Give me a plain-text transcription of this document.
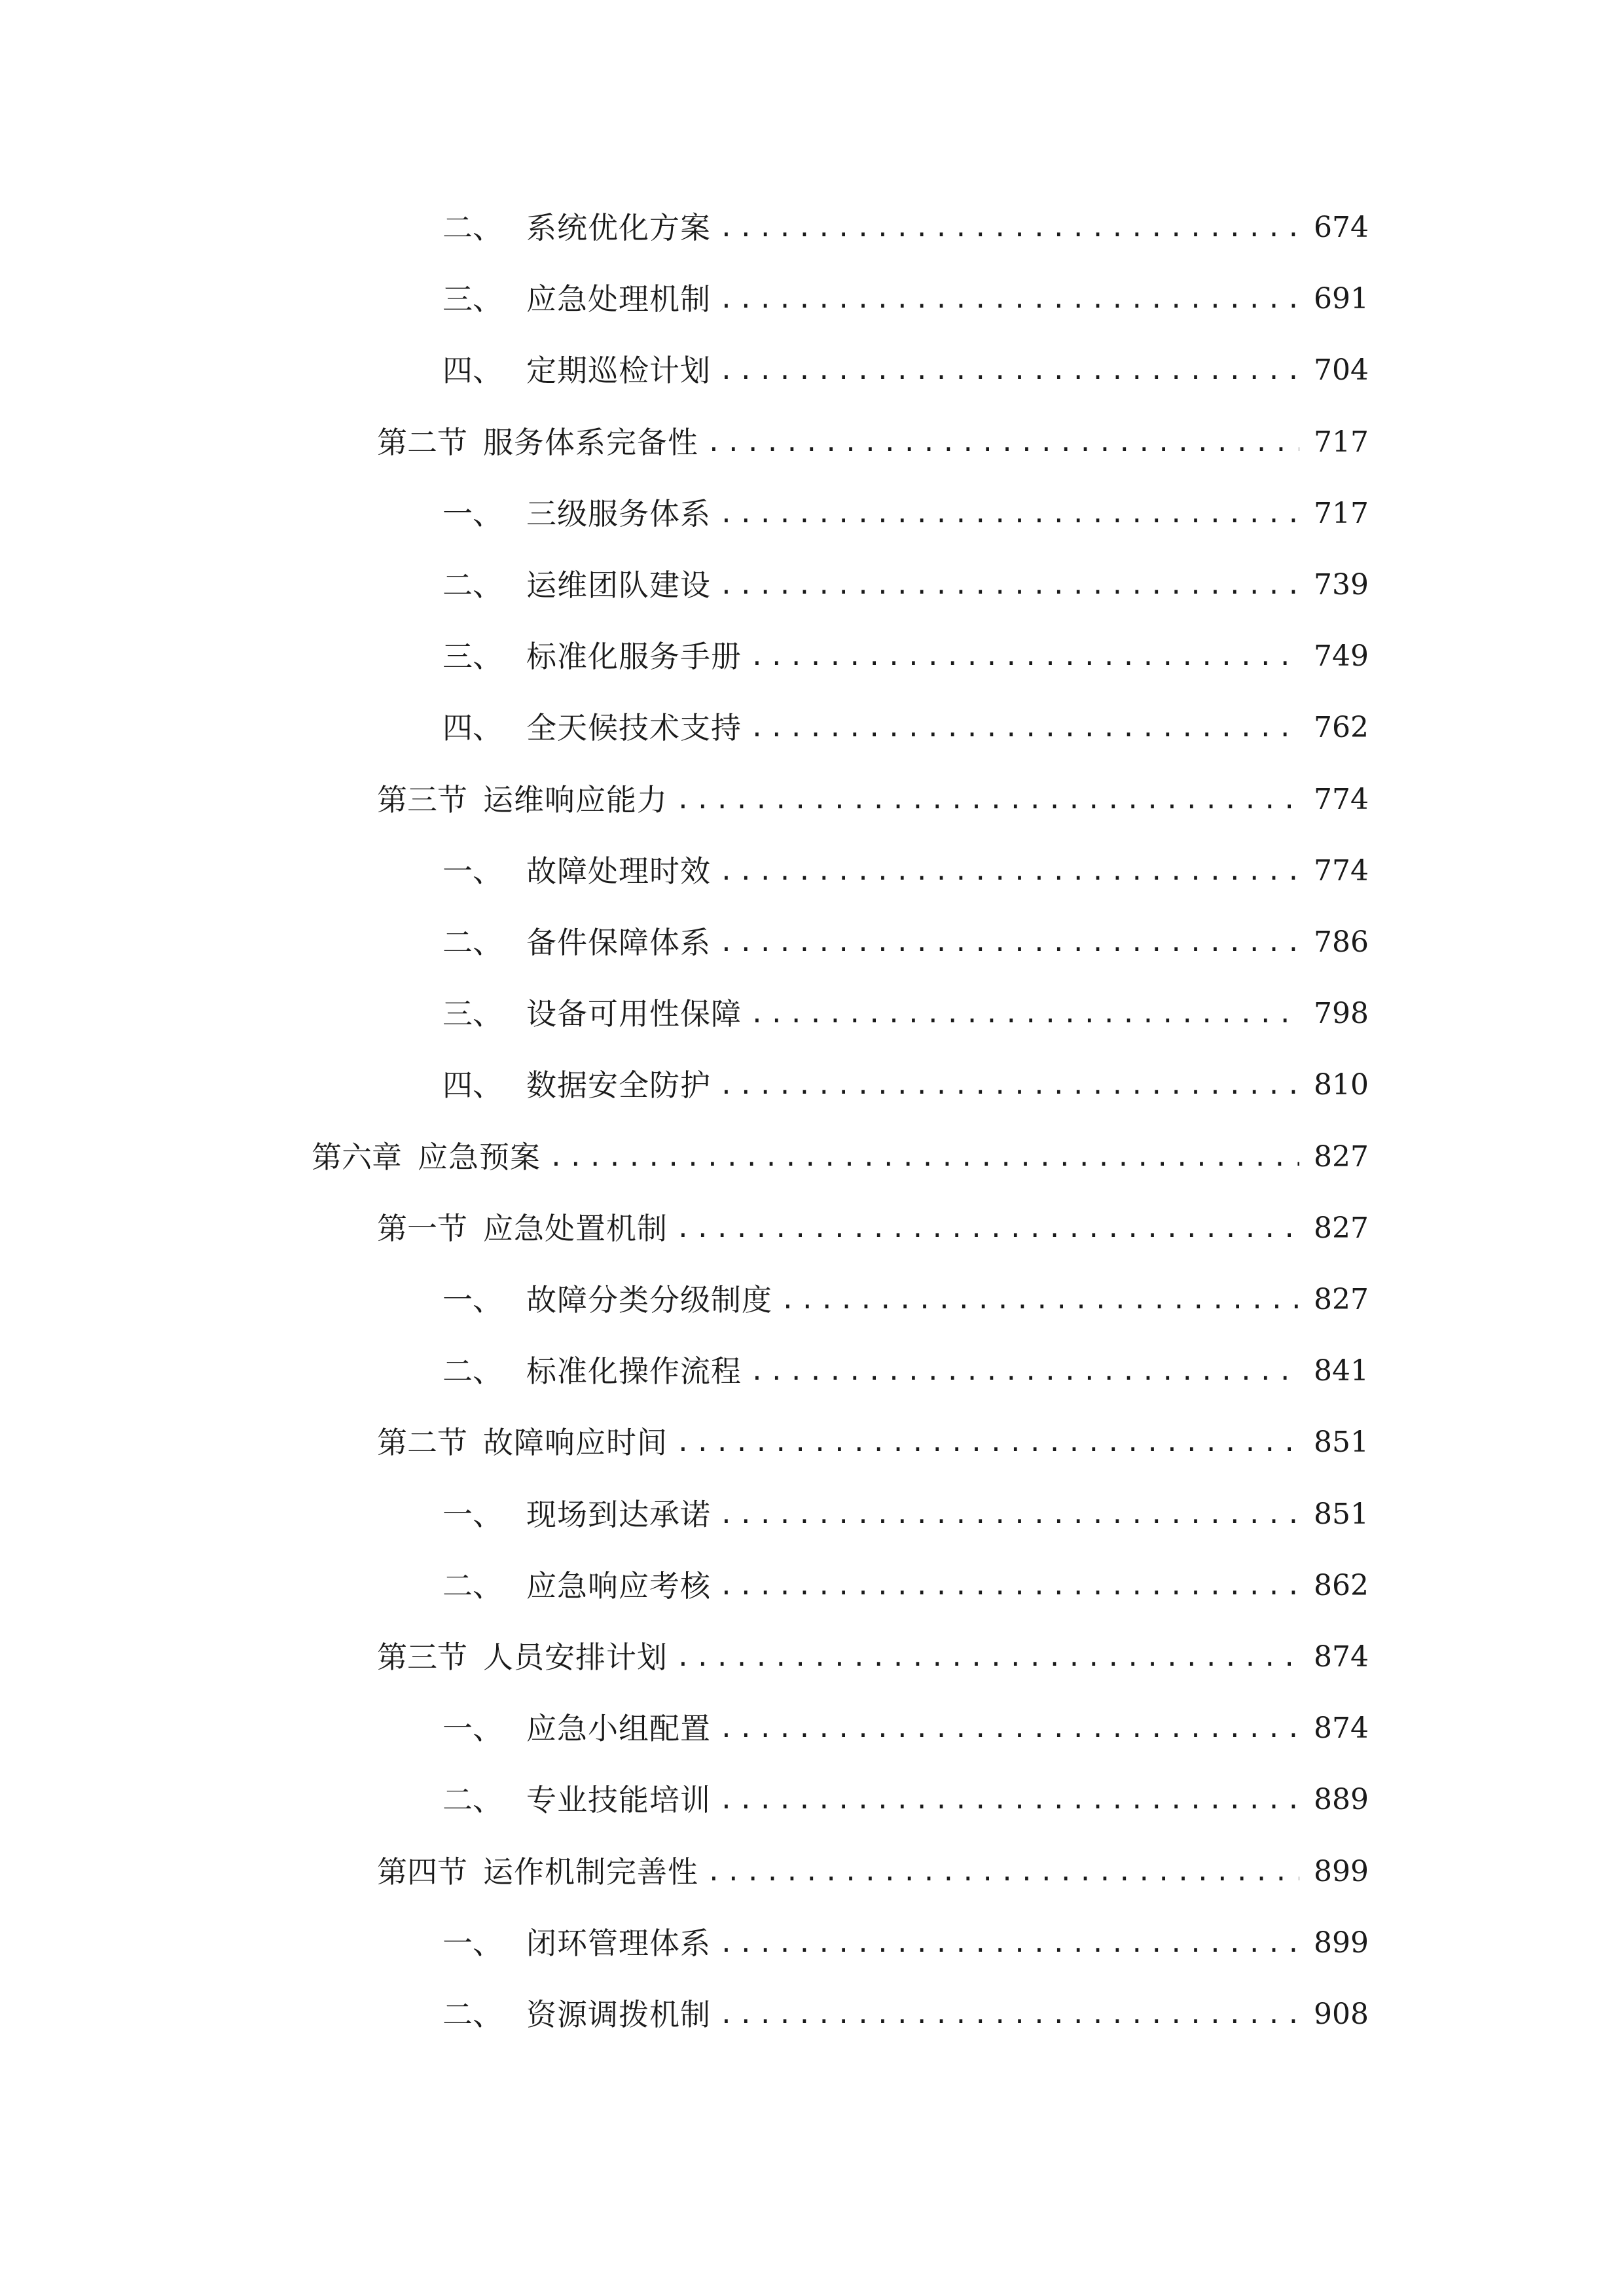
二、 系统优化方案 .....	674
三、 应急处理机制 .....	691
四、 定期巡检计划 .....	704
第二节 服务体系完备性 .....	717
一、 三级服务体系 .....	717
二、 运维团队建设 .....	739
三、 标准化服务手册 .....	749
四、 全天候技术支持 .....	762
第三节 运维响应能力 .....	774
一、 故障处理时效 .....	774
二、 备件保障体系 .....	786
三、 设备可用性保障 .....	798
四、 数据安全防护 .....	810
第六章 应急预案 .....	827
第一节 应急处置机制 .....	827
一、 故障分类分级制度 .....	827
二、 标准化操作流程 .....	841
第二节 故障响应时间 .....	851
一、 现场到达承诺 .....	851
二、 应急响应考核 .....	862
第三节 人员安排计划 .....	874
一、 应急小组配置 .....	874
二、 专业技能培训 .....	889
第四节 运作机制完善性 .....	899
一、 闭环管理体系 .....	899
二、 资源调拨机制 .....	908
